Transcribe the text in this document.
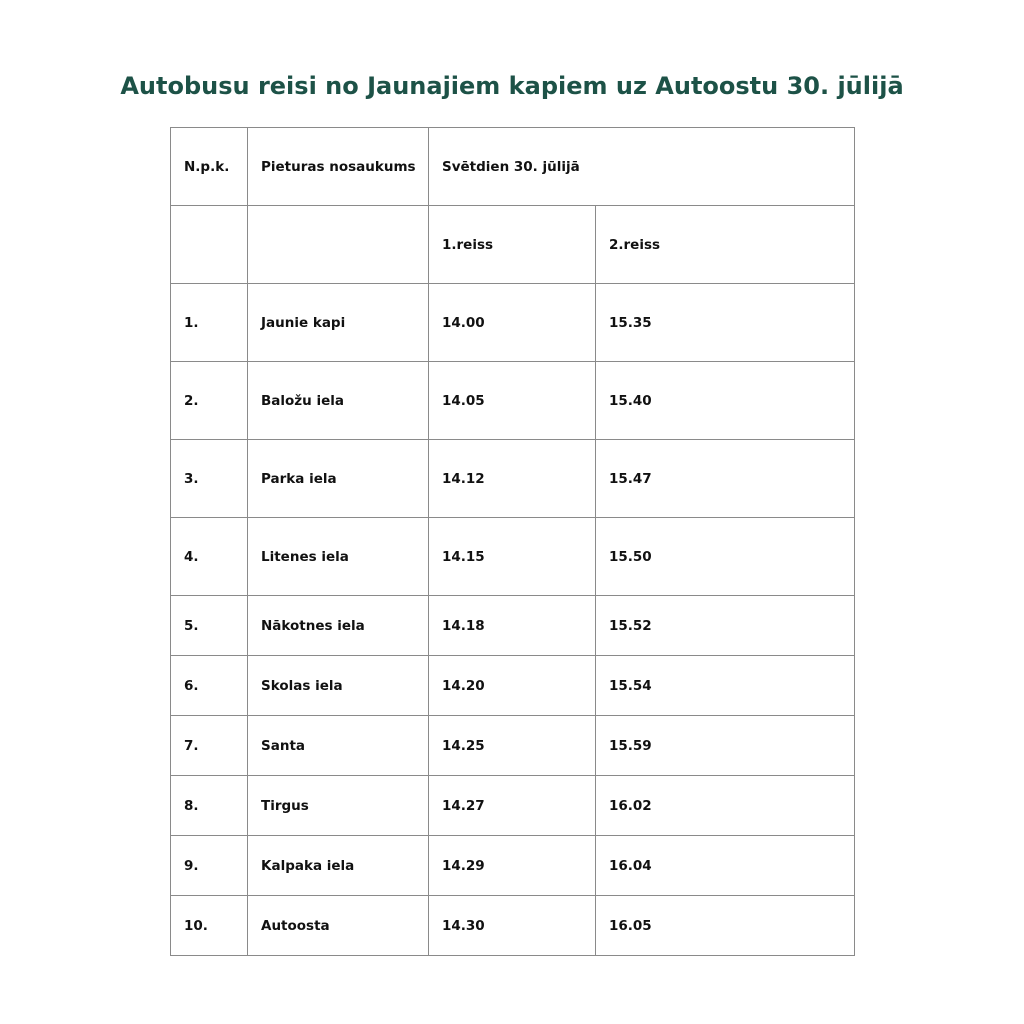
Autobusu reisi no Jaunajiem kapiem uz Autoostu 30. jūlijā
N.p.k.	Pieturas nosaukums	Svētdien 30. jūlijā	
		1.reiss	2.reiss
1.	Jaunie kapi	14.00	15.35
2.	Baložu iela	14.05	15.40
3.	Parka iela	14.12	15.47
4.	Litenes iela	14.15	15.50
5.	Nākotnes iela	14.18	15.52
6.	Skolas iela	14.20	15.54
7.	Santa	14.25	15.59
8.	Tirgus	14.27	16.02
9.	Kalpaka iela	14.29	16.04
10.	Autoosta	14.30	16.05
